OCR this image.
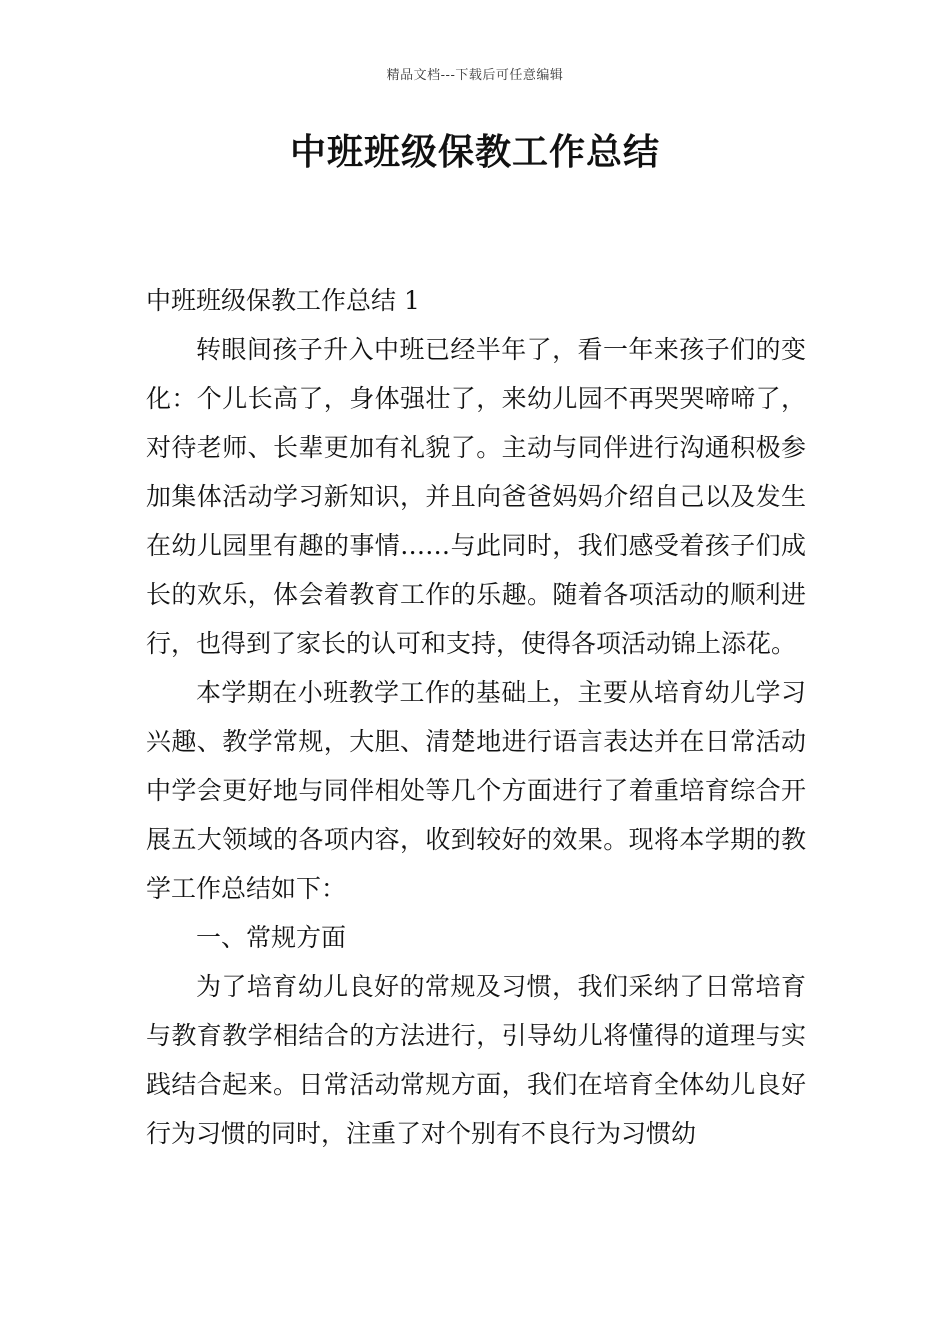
精品文档---下载后可任意编辑
中班班级保教工作总结

中班班级保教工作总结 1

转眼间孩子升入中班已经半年了，看一年来孩子们的变化：个儿长高了，身体强壮了，来幼儿园不再哭哭啼啼了，对待老师、长辈更加有礼貌了。主动与同伴进行沟通积极参加集体活动学习新知识，并且向爸爸妈妈介绍自己以及发生在幼儿园里有趣的事情……与此同时，我们感受着孩子们成长的欢乐，体会着教育工作的乐趣。随着各项活动的顺利进行，也得到了家长的认可和支持，使得各项活动锦上添花。

本学期在小班教学工作的基础上，主要从培育幼儿学习兴趣、教学常规，大胆、清楚地进行语言表达并在日常活动中学会更好地与同伴相处等几个方面进行了着重培育综合开展五大领域的各项内容，收到较好的效果。现将本学期的教学工作总结如下：

一、常规方面

为了培育幼儿良好的常规及习惯，我们采纳了日常培育与教育教学相结合的方法进行，引导幼儿将懂得的道理与实践结合起来。日常活动常规方面，我们在培育全体幼儿良好行为习惯的同时，注重了对个别有不良行为习惯幼
